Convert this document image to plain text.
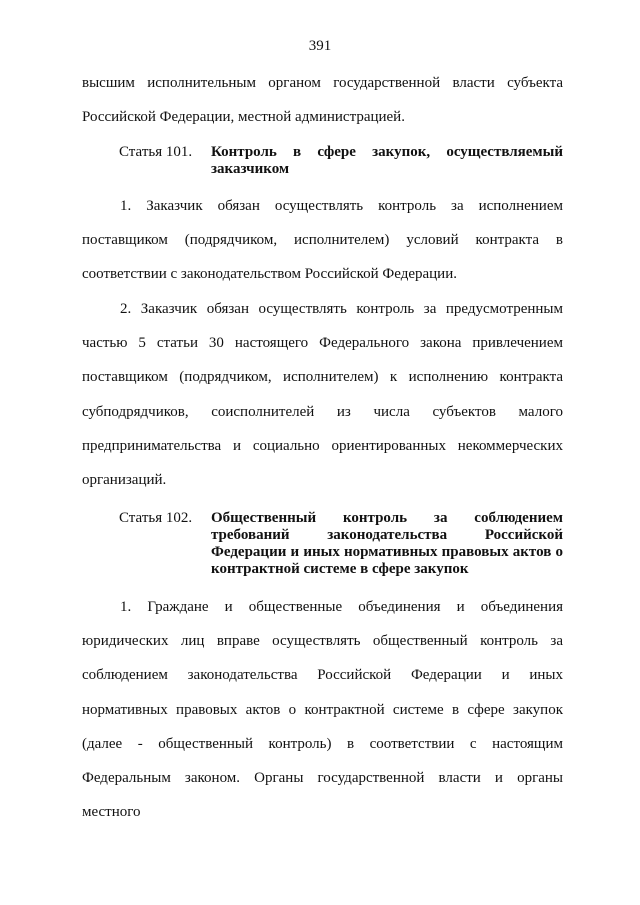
391
высшим исполнительным органом государственной власти субъекта
Российской Федерации, местной администрацией.
Статья 101. Контроль в сфере закупок, осуществляемый
заказчиком
1. Заказчик обязан осуществлять контроль за исполнением
поставщиком (подрядчиком, исполнителем) условий контракта в
соответствии с законодательством Российской Федерации.
2. Заказчик обязан осуществлять контроль за предусмотренным
частью 5 статьи 30 настоящего Федерального закона привлечением
поставщиком (подрядчиком, исполнителем) к исполнению контракта
субподрядчиков, соисполнителей из числа субъектов малого
предпринимательства и социально ориентированных некоммерческих
организаций.
Статья 102. Общественный контроль за соблюдением
требований законодательства Российской
Федерации и иных нормативных правовых актов о
контрактной системе в сфере закупок
1. Граждане и общественные объединения и объединения
юридических лиц вправе осуществлять общественный контроль за
соблюдением законодательства Российской Федерации и иных
нормативных правовых актов о контрактной системе в сфере закупок
(далее - общественный контроль) в соответствии с настоящим
Федеральным законом. Органы государственной власти и органы местного
